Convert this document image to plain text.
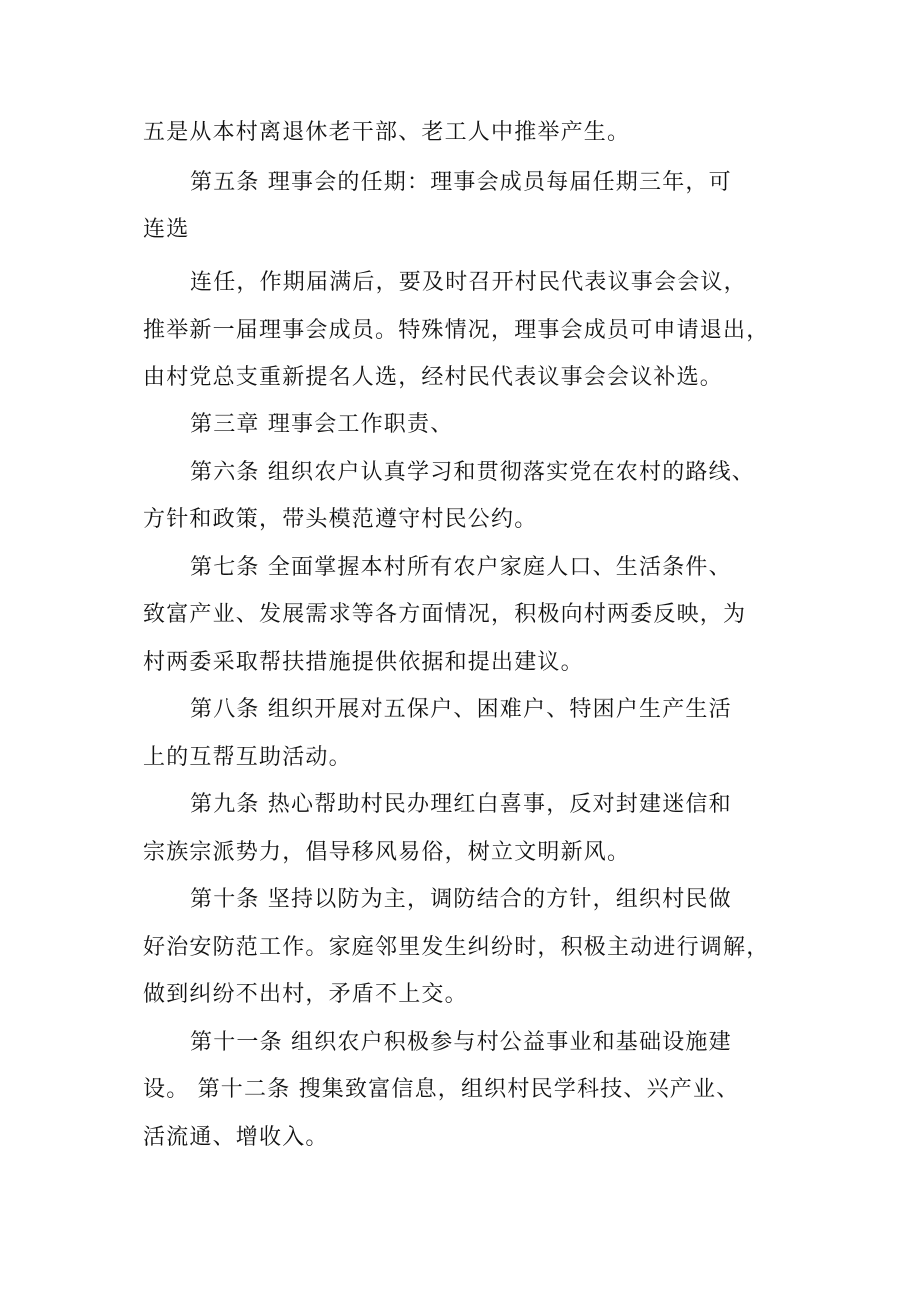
五是从本村离退休老干部、老工人中推举产生。
第五条 理事会的任期：理事会成员每届任期三年，可
连选
连任，作期届满后，要及时召开村民代表议事会会议，
推举新一届理事会成员。特殊情况，理事会成员可申请退出，
由村党总支重新提名人选，经村民代表议事会会议补选。
第三章 理事会工作职责、
第六条 组织农户认真学习和贯彻落实党在农村的路线、
方针和政策，带头模范遵守村民公约。
第七条 全面掌握本村所有农户家庭人口、生活条件、
致富产业、发展需求等各方面情况，积极向村两委反映，为
村两委采取帮扶措施提供依据和提出建议。
第八条 组织开展对五保户、困难户、特困户生产生活
上的互帮互助活动。
第九条 热心帮助村民办理红白喜事，反对封建迷信和
宗族宗派势力，倡导移风易俗，树立文明新风。
第十条 坚持以防为主，调防结合的方针，组织村民做
好治安防范工作。家庭邻里发生纠纷时，积极主动进行调解，
做到纠纷不出村，矛盾不上交。
第十一条 组织农户积极参与村公益事业和基础设施建
设。 第十二条 搜集致富信息，组织村民学科技、兴产业、
活流通、增收入。
